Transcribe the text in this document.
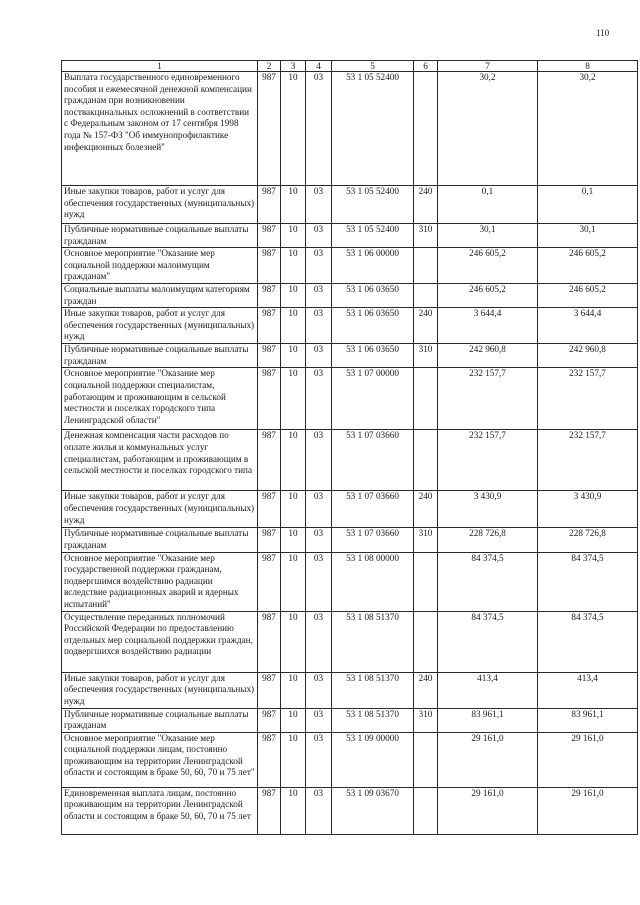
110
1	2	3	4	5	6	7	8
Выплата государственного единовременного пособия и ежемесячной денежной компенсации гражданам при возникновении поствакцинальных осложнений в соответствии с Федеральным законом от 17 сентября 1998 года № 157-ФЗ "Об иммунопрофилактике инфекционных болезней"	987	10	03	53 1 05 52400		30,2	30,2
Иные закупки товаров, работ и услуг для обеспечения государственных (муниципальных) нужд	987	10	03	53 1 05 52400	240	0,1	0,1
Публичные нормативные социальные выплаты гражданам	987	10	03	53 1 05 52400	310	30,1	30,1
Основное мероприятие "Оказание мер социальной поддержки малоимущим гражданам"	987	10	03	53 1 06 00000		246 605,2	246 605,2
Социальные выплаты малоимущим категориям граждан	987	10	03	53 1 06 03650		246 605,2	246 605,2
Иные закупки товаров, работ и услуг для обеспечения государственных (муниципальных) нужд	987	10	03	53 1 06 03650	240	3 644,4	3 644,4
Публичные нормативные социальные выплаты гражданам	987	10	03	53 1 06 03650	310	242 960,8	242 960,8
Основное мероприятие "Оказание мер социальной поддержки специалистам, работающим и проживающим в сельской местности и поселках городского типа Ленинградской области"	987	10	03	53 1 07 00000		232 157,7	232 157,7
Денежная компенсация части расходов по оплате жилья и коммунальных услуг специалистам, работающим и проживающим в сельской местности и поселках городского типа	987	10	03	53 1 07 03660		232 157,7	232 157,7
Иные закупки товаров, работ и услуг для обеспечения государственных (муниципальных) нужд	987	10	03	53 1 07 03660	240	3 430,9	3 430,9
Публичные нормативные социальные выплаты гражданам	987	10	03	53 1 07 03660	310	228 726,8	228 726,8
Основное мероприятие "Оказание мер государственной поддержки гражданам, подвергшимся воздействию радиации вследствие радиационных аварий и ядерных испытаний"	987	10	03	53 1 08 00000		84 374,5	84 374,5
Осуществление переданных полномочий Российской Федерации по предоставлению отдельных мер социальной поддержки граждан, подвергшихся воздействию радиации	987	10	03	53 1 08 51370		84 374,5	84 374,5
Иные закупки товаров, работ и услуг для обеспечения государственных (муниципальных) нужд	987	10	03	53 1 08 51370	240	413,4	413,4
Публичные нормативные социальные выплаты гражданам	987	10	03	53 1 08 51370	310	83 961,1	83 961,1
Основное мероприятие "Оказание мер социальной поддержки лицам, постоянно проживающим на территории Ленинградской области и состоящим в браке 50, 60, 70 и 75 лет"	987	10	03	53 1 09 00000		29 161,0	29 161,0
Единовременная выплата лицам, постоянно проживающим на территории Ленинградской области и состоящим в браке 50, 60, 70 и 75 лет	987	10	03	53 1 09 03670		29 161,0	29 161,0
